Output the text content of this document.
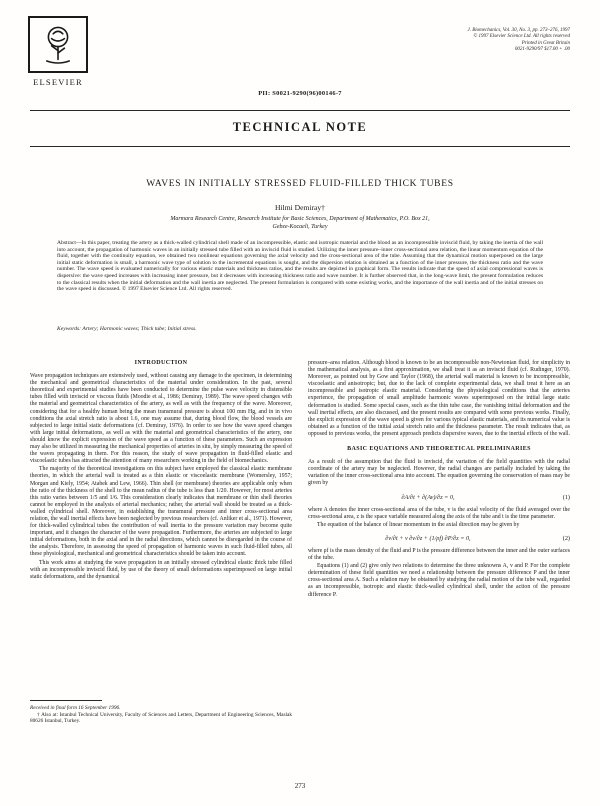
ELSEVIER
J. Biomechanics, Vol. 30, No. 3, pp. 273–276, 1997
© 1997 Elsevier Science Ltd. All rights reserved
Printed in Great Britain
0021-9290/97 $17.00 + .00
PII: S0021-9290(96)00146-7
TECHNICAL NOTE
WAVES IN INITIALLY STRESSED FLUID-FILLED THICK TUBES
Hilmi Demiray†
Marmara Research Centre, Research Institute for Basic Sciences, Department of Mathematics, P.O. Box 21,
Gebze-Kocaeli, Turkey
Abstract—In this paper, treating the artery as a thick-walled cylindrical shell made of an incompressible, elastic and isotropic material and the blood as an incompressible inviscid fluid, by taking the inertia of the wall into account, the propagation of harmonic waves in an initially stressed tube filled with an inviscid fluid is studied. Utilizing the inner pressure–inner cross-sectional area relation, the linear momentum equation of the fluid, together with the continuity equation, we obtained two nonlinear equations governing the axial velocity and the cross-sectional area of the tube. Assuming that the dynamical motion superposed on the large initial static deformation is small, a harmonic wave type of solution to the incremental equations is sought, and the dispersion relation is obtained as a function of the inner pressure, the thickness ratio and the wave number. The wave speed is evaluated numerically for various elastic materials and thickness ratios, and the results are depicted in graphical form. The results indicate that the speed of axial compressional waves is dispersive: the wave speed increases with increasing inner pressure, but it decreases with increasing thickness ratio and wave number. It is further observed that, in the long-wave limit, the present formulation reduces to the classical results when the initial deformation and the wall inertia are neglected. The present formulation is compared with some existing works, and the importance of the wall inertia and of the initial stresses on the wave speed is discussed. © 1997 Elsevier Science Ltd. All rights reserved.
Keywords: Artery; Harmonic waves; Thick tube; Initial stress.
INTRODUCTION

Wave propagation techniques are extensively used, without causing any damage to the specimen, in determining the mechanical and geometrical characteristics of the material under consideration. In the past, several theoretical and experimental studies have been conducted to determine the pulse wave velocity in distensible tubes filled with inviscid or viscous fluids (Moodie et al., 1986; Demiray, 1989). The wave speed changes with the material and geometrical characteristics of the artery, as well as with the frequency of the wave. Moreover, considering that for a healthy human being the mean transmural pressure is about 100 mm Hg, and in in vivo conditions the axial stretch ratio is about 1.6, one may assume that, during blood flow, the blood vessels are subjected to large initial static deformations (cf. Demiray, 1976). In order to see how the wave speed changes with large initial deformations, as well as with the material and geometrical characteristics of the artery, one should know the explicit expression of the wave speed as a function of these parameters. Such an expression may also be utilized in measuring the mechanical properties of arteries in situ, by simply measuring the speed of the waves propagating in them. For this reason, the study of wave propagation in fluid-filled elastic and viscoelastic tubes has attracted the attention of many researchers working in the field of biomechanics.

The majority of the theoretical investigations on this subject have employed the classical elastic membrane theories, in which the arterial wall is treated as a thin elastic or viscoelastic membrane (Womersley, 1957; Morgan and Kiely, 1954; Atabek and Lew, 1966). Thin shell (or membrane) theories are applicable only when the ratio of the thickness of the shell to the mean radius of the tube is less than 1/20. However, for most arteries this ratio varies between 1/5 and 1/6. This consideration clearly indicates that membrane or thin shell theories cannot be employed in the analysis of arterial mechanics; rather, the arterial wall should be treated as a thick-walled cylindrical shell. Moreover, in establishing the transmural pressure and inner cross-sectional area relation, the wall inertial effects have been neglected by previous researchers (cf. Anliker et al., 1971). However, for thick-walled cylindrical tubes the contribution of wall inertia to the pressure variation may become quite important, and it changes the character of the wave propagation. Furthermore, the arteries are subjected to large initial deformations, both in the axial and in the radial directions, which cannot be disregarded in the course of the analysis. Therefore, in assessing the speed of propagation of harmonic waves in such fluid-filled tubes, all these physiological, mechanical and geometrical characteristics should be taken into account.

This work aims at studying the wave propagation in an initially stressed cylindrical elastic thick tube filled with an incompressible inviscid fluid, by use of the theory of small deformations superimposed on large initial static deformations, and the dynamical

pressure–area relation. Although blood is known to be an incompressible non-Newtonian fluid, for simplicity in the mathematical analysis, as a first approximation, we shall treat it as an inviscid fluid (cf. Rudinger, 1970). Moreover, as pointed out by Gow and Taylor (1968), the arterial wall material is known to be incompressible, viscoelastic and anisotropic; but, due to the lack of complete experimental data, we shall treat it here as an incompressible and isotropic elastic material. Considering the physiological conditions that the arteries experience, the propagation of small amplitude harmonic waves superimposed on the initial large static deformation is studied. Some special cases, such as the thin tube case, the vanishing initial deformation and the wall inertial effects, are also discussed, and the present results are compared with some previous works. Finally, the explicit expression of the wave speed is given for various typical elastic materials, and its numerical value is obtained as a function of the initial axial stretch ratio and the thickness parameter. The result indicates that, as opposed to previous works, the present approach predicts dispersive waves, due to the inertial effects of the wall.

BASIC EQUATIONS AND THEORETICAL PRELIMINARIES

As a result of the assumption that the fluid is inviscid, the variation of the field quantities with the radial coordinate of the artery may be neglected. However, the radial changes are partially included by taking the variation of the inner cross-sectional area into account. The equation governing the conservation of mass may be given by

∂A/∂t + ∂(Av)/∂z = 0,	(1)

where A denotes the inner cross-sectional area of the tube, v is the axial velocity of the fluid averaged over the cross-sectional area, z is the space variable measured along the axis of the tube and t is the time parameter.

The equation of the balance of linear momentum in the axial direction may be given by

∂v/∂t + v ∂v/∂z + (1/ρf) ∂P/∂z = 0,	(2)

where ρf is the mass density of the fluid and P is the pressure difference between the inner and the outer surfaces of the tube.

Equations (1) and (2) give only two relations to determine the three unknowns A, v and P. For the complete determination of these field quantities we need a relationship between the pressure difference P and the inner cross-sectional area A. Such a relation may be obtained by studying the radial motion of the tube wall, regarded as an incompressible, isotropic and elastic thick-walled cylindrical shell, under the action of the pressure difference P.

Received in final form 16 September 1996.
† Also at: Istanbul Technical University, Faculty of Sciences and Letters, Department of Engineering Sciences, Maslak 80626 Istanbul, Turkey.
273
